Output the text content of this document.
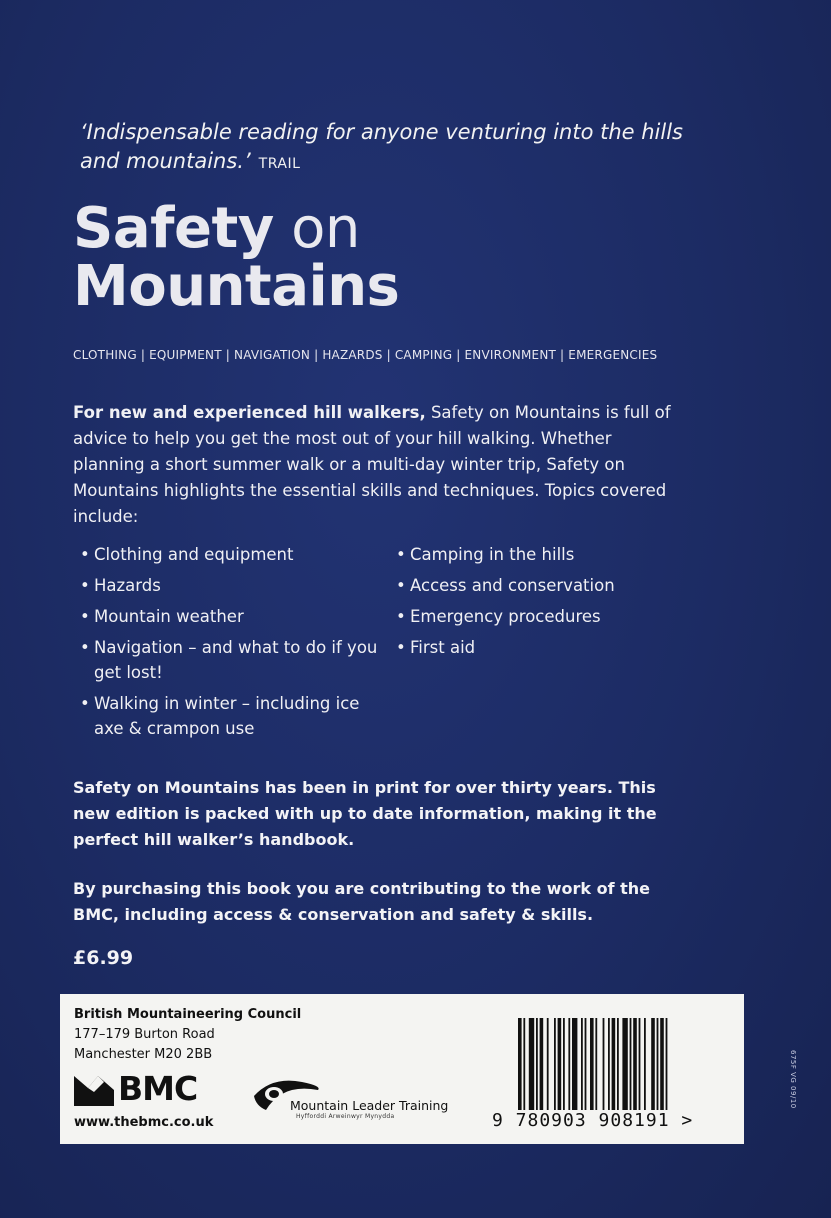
‘Indispensable reading for anyone venturing into the hills and mountains.’ TRAIL
Safety on
Mountains
CLOTHING | EQUIPMENT | NAVIGATION | HAZARDS | CAMPING | ENVIRONMENT | EMERGENCIES
For new and experienced hill walkers, Safety on Mountains is full of advice to help you get the most out of your hill walking. Whether planning a short summer walk or a multi-day winter trip, Safety on Mountains highlights the essential skills and techniques. Topics covered include:
• Clothing and equipment
• Hazards
• Mountain weather
• Navigation – and what to do if you get lost!
• Walking in winter – including ice axe & crampon use
• Camping in the hills
• Access and conservation
• Emergency procedures
• First aid
Safety on Mountains has been in print for over thirty years. This new edition is packed with up to date information, making it the perfect hill walker’s handbook.
By purchasing this book you are contributing to the work of the BMC, including access & conservation and safety & skills.
£6.99
British Mountaineering Council
177–179 Burton Road
Manchester M20 2BB
BMC
www.thebmc.co.uk
Mountain Leader Training
Hyfforddi Arweinwyr Mynydda	9 780903 908191 >
675F VG 09/10
